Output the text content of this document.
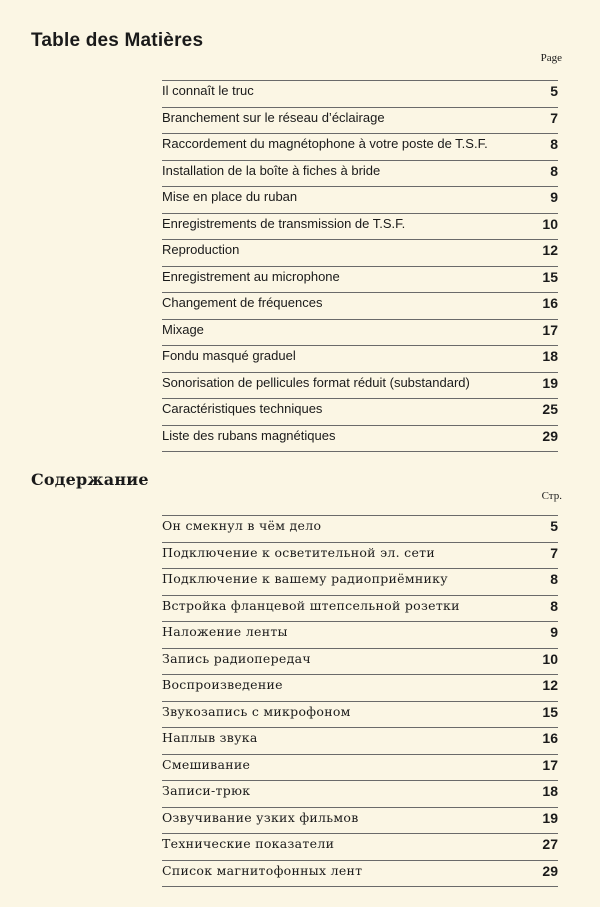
Table des Matières
Page
Il connaît le truc	5
Branchement sur le réseau d’éclairage	7
Raccordement du magnétophone à votre poste de T.S.F.	8
Installation de la boîte à fiches à bride	8
Mise en place du ruban	9
Enregistrements de transmission de T.S.F.	10
Reproduction	12
Enregistrement au microphone	15
Changement de fréquences	16
Mixage	17
Fondu masqué graduel	18
Sonorisation de pellicules format réduit (substandard)	19
Caractéristiques techniques	25
Liste des rubans magnétiques	29
Содержание
Стр.
Он смекнул в чём дело	5
Подключение к осветительной эл. сети	7
Подключение к вашему радиоприёмнику	8
Встройка фланцевой штепсельной розетки	8
Наложение ленты	9
Запись радиопередач	10
Воспроизведение	12
Звукозапись с микрофоном	15
Наплыв звука	16
Смешивание	17
Записи-трюк	18
Озвучивание узких фильмов	19
Технические показатели	27
Список магнитофонных лент	29
